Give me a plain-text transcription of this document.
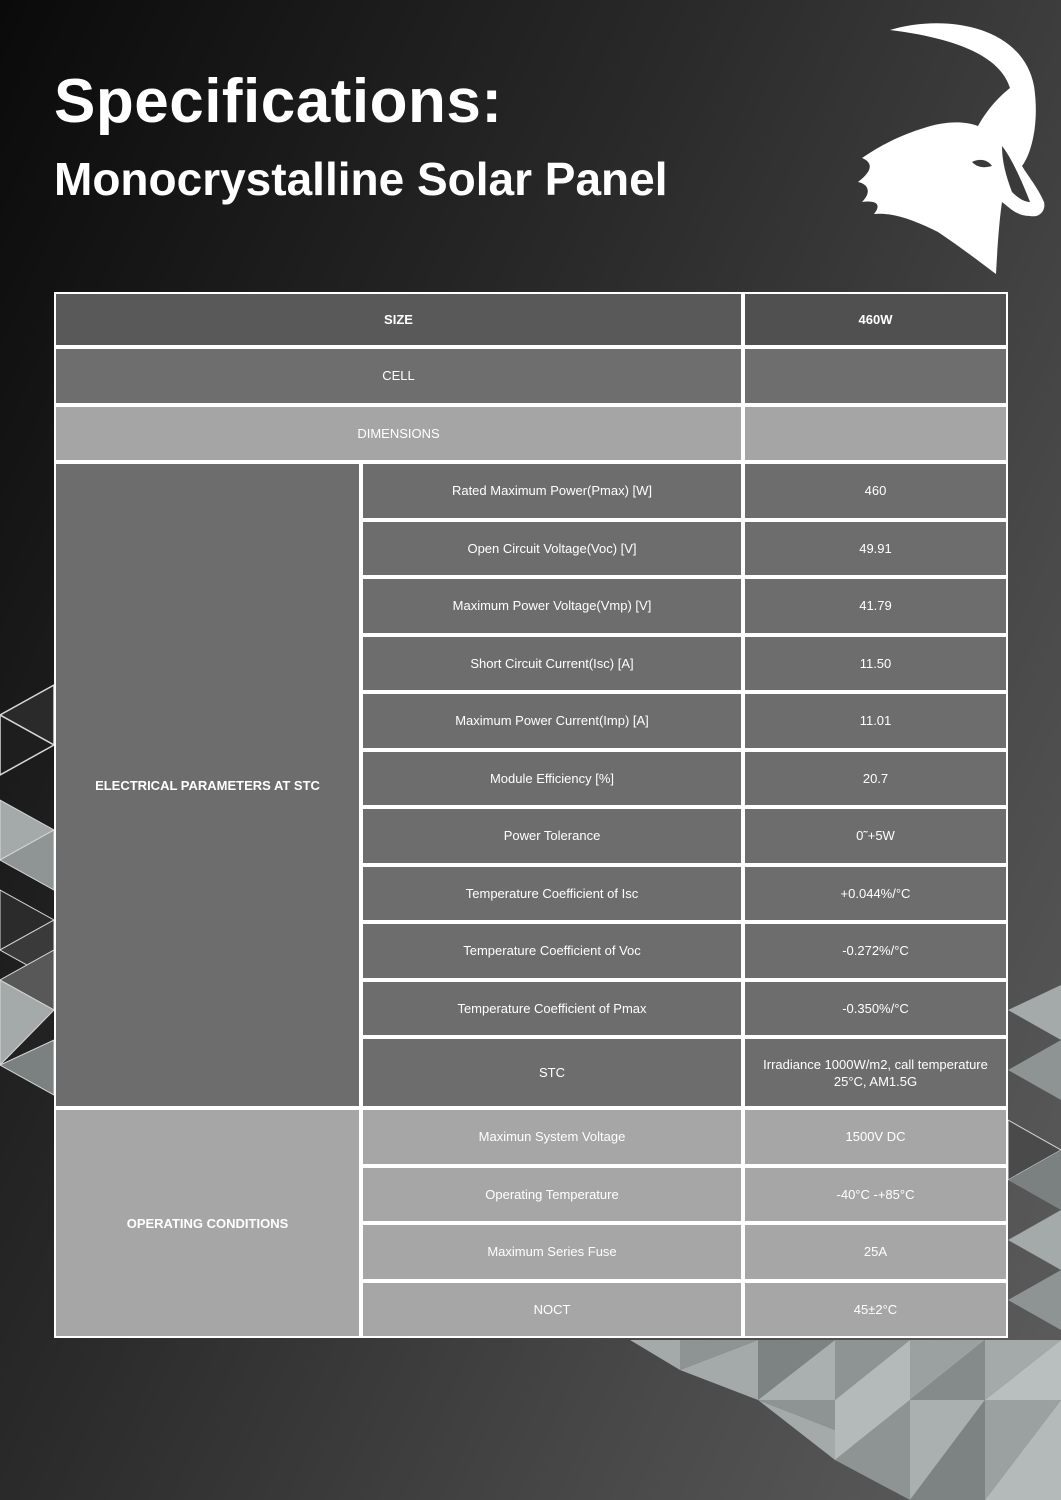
Specifications:
Monocrystalline Solar Panel
SIZE		460W
CELL		
DIMENSIONS		
ELECTRICAL PARAMETERS AT STC	Rated Maximum Power(Pmax) [W]	460
	Open Circuit Voltage(Voc) [V]	49.91
	Maximum Power Voltage(Vmp) [V]	41.79
	Short Circuit Current(Isc) [A]	11.50
	Maximum Power Current(Imp) [A]	11.01
	Module Efficiency [%]	20.7
	Power Tolerance	0˜+5W
	Temperature Coefficient of Isc	+0.044%/°C
	Temperature Coefficient of Voc	-0.272%/°C
	Temperature Coefficient of Pmax	-0.350%/°C
	STC	Irradiance 1000W/m2, call temperature 25°C, AM1.5G
OPERATING CONDITIONS	Maximun System Voltage	1500V DC
	Operating Temperature	-40°C -+85°C
	Maximum Series Fuse	25A
	NOCT	45±2°C
